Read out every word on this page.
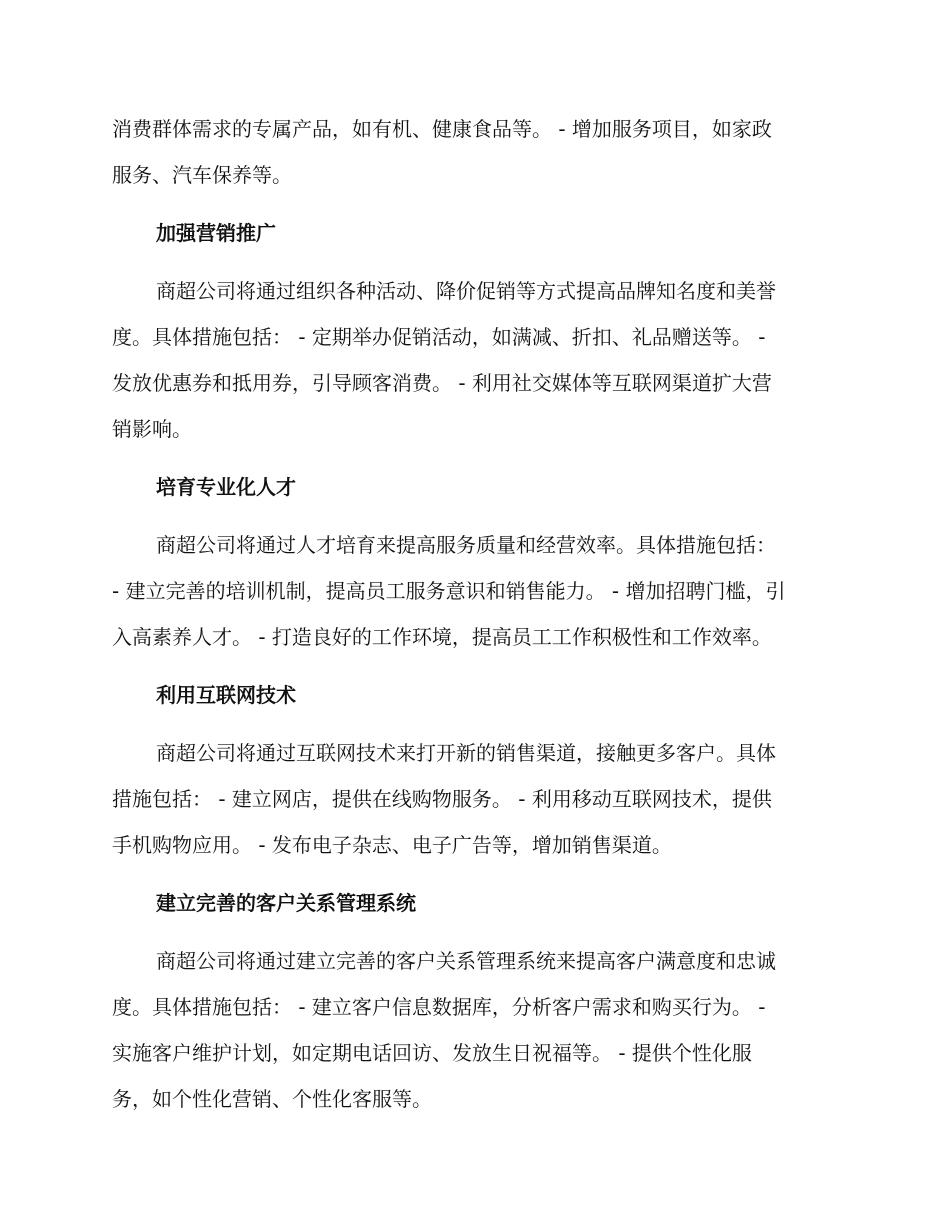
消费群体需求的专属产品，如有机、健康食品等。 - 增加服务项目，如家政

服务、汽车保养等。

加强营销推广

商超公司将通过组织各种活动、降价促销等方式提高品牌知名度和美誉

度。具体措施包括： - 定期举办促销活动，如满减、折扣、礼品赠送等。 -

发放优惠券和抵用券，引导顾客消费。 - 利用社交媒体等互联网渠道扩大营

销影响。

培育专业化人才

商超公司将通过人才培育来提高服务质量和经营效率。具体措施包括：

- 建立完善的培训机制，提高员工服务意识和销售能力。 - 增加招聘门槛，引

入高素养人才。 - 打造良好的工作环境，提高员工工作积极性和工作效率。

利用互联网技术

商超公司将通过互联网技术来打开新的销售渠道，接触更多客户。具体

措施包括： - 建立网店，提供在线购物服务。 - 利用移动互联网技术，提供

手机购物应用。 - 发布电子杂志、电子广告等，增加销售渠道。

建立完善的客户关系管理系统

商超公司将通过建立完善的客户关系管理系统来提高客户满意度和忠诚

度。具体措施包括： - 建立客户信息数据库，分析客户需求和购买行为。 -

实施客户维护计划，如定期电话回访、发放生日祝福等。 - 提供个性化服

务，如个性化营销、个性化客服等。
